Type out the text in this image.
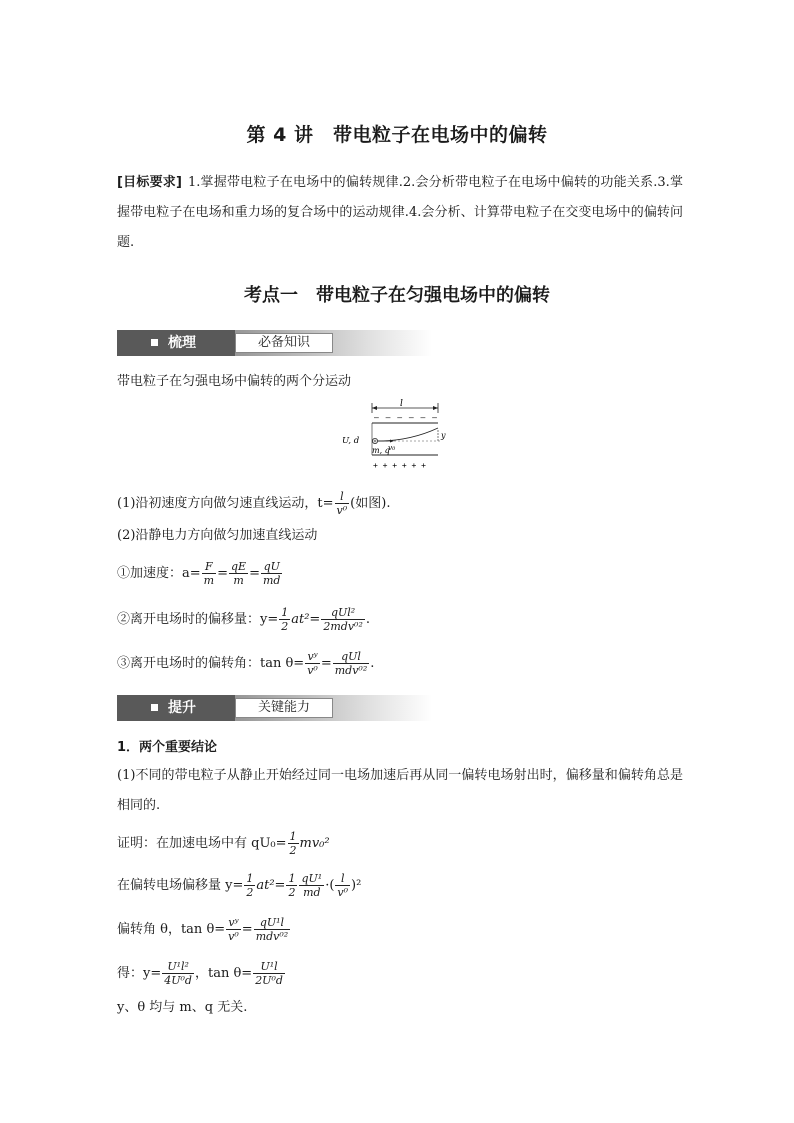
第 4 讲　带电粒子在电场中的偏转
[目标要求] 1.掌握带电粒子在电场中的偏转规律.2.会分析带电粒子在电场中偏转的功能关系.3.掌握带电粒子在电场和重力场的复合场中的运动规律.4.会分析、计算带电粒子在交变电场中的偏转问题.
考点一　带电粒子在匀强电场中的偏转
梳理	必备知识
带电粒子在匀强电场中偏转的两个分运动
l
– – – – – –
U, d
y
v₀
m, q
+ + + + + +
(1)沿初速度方向做匀速直线运动，$t= \frac{l}{\text{v⁰}}$ (如图).
(2)沿静电力方向做匀加速直线运动
①加速度：$a= \frac{F}{m} = \frac{qE}{m} = \frac{qU}{md}$
②离开电场时的偏移量：$y= \frac{1}{2} at^2= \frac{\text{qUl²}}{\text{2mdv⁰²}}$ .
③离开电场时的偏转角：$\tan \theta= \frac{\text{vʸ}}{\text{v⁰}} = \frac{\text{qUl}}{\text{mdv⁰²}}$ .
提升	关键能力
1．两个重要结论
(1)不同的带电粒子从静止开始经过同一电场加速后再从同一偏转电场射出时，偏移量和偏转角总是相同的.
证明：在加速电场中有 $qU_0= \frac{1}{2} mv_0^2$
在偏转电场偏移量 $y= \frac{1}{2} at^2= \frac{1}{2} \frac{\text{qU¹}}{md}$ ·( $\frac{l}{\text{v⁰}} )^2$
偏转角 θ，$\tan \theta= \frac{\text{vʸ}}{\text{v⁰}} = \frac{\text{qU¹l}}{\text{mdv⁰²}}$
得：$y= \frac{\text{U¹l²}}{\text{4U⁰d}}$ ，$\tan \theta= \frac{\text{U¹l}}{\text{2U⁰d}}$
y、θ 均与 m、q 无关.
